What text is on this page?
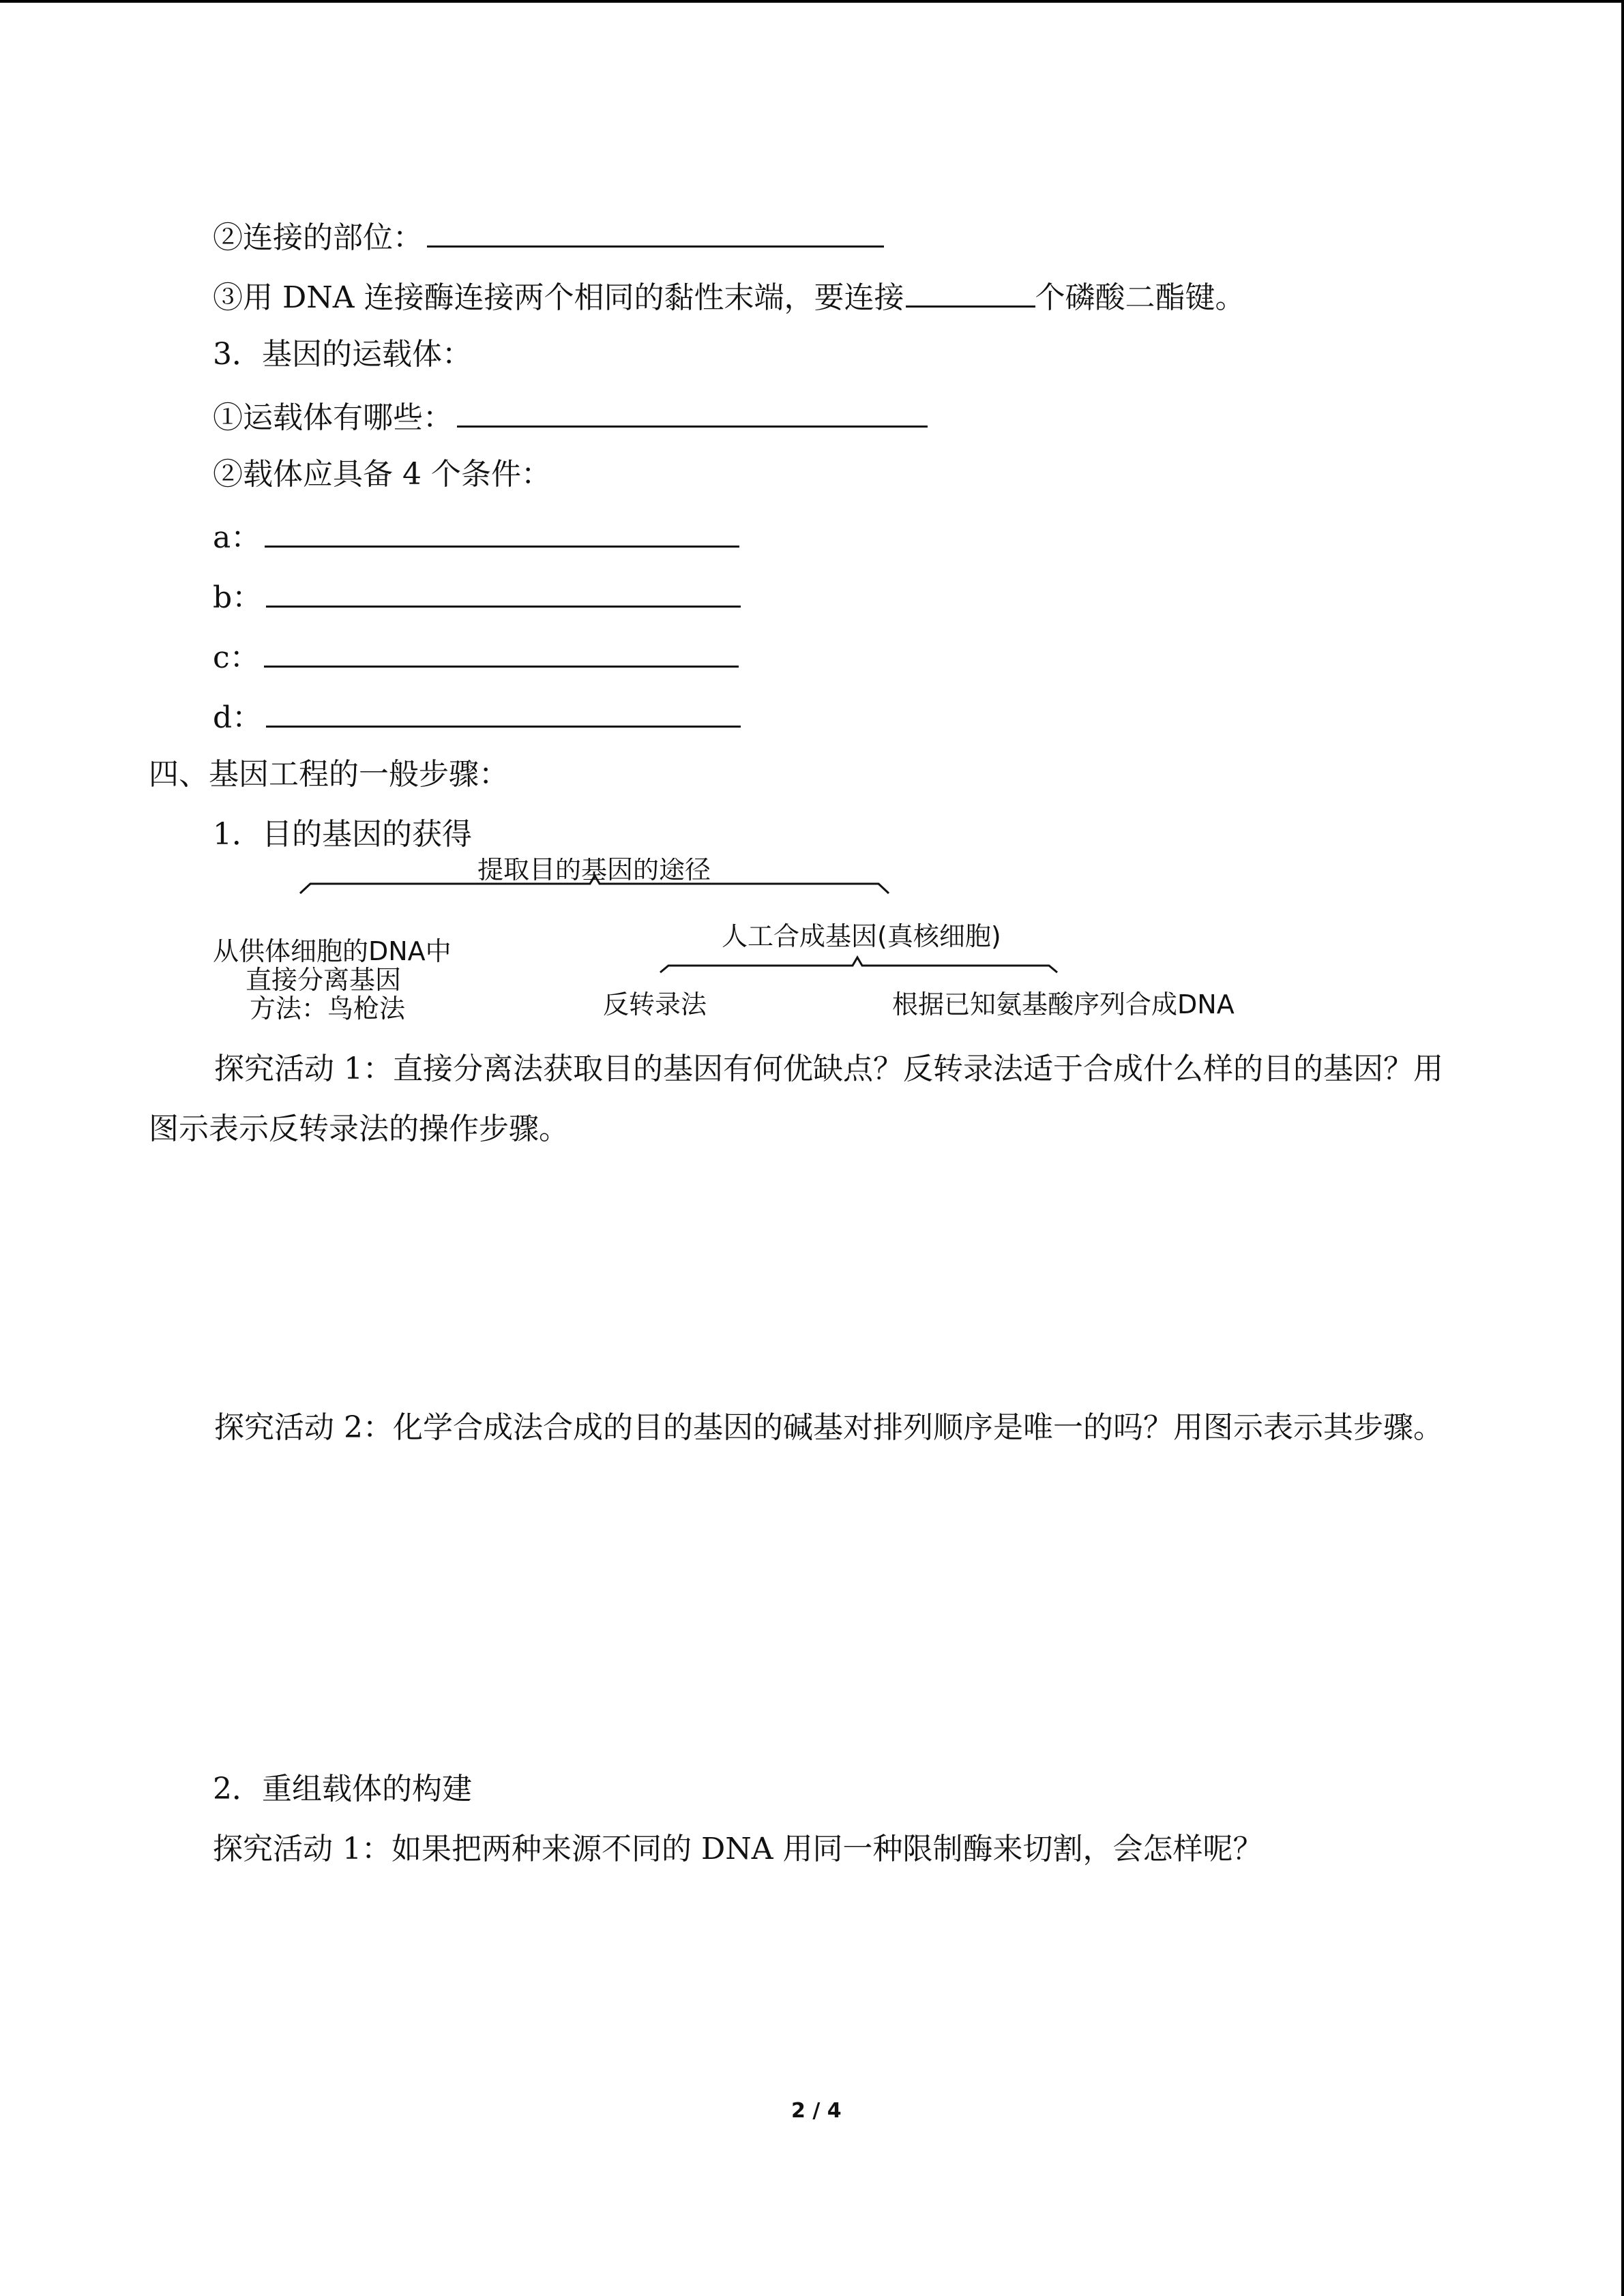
②连接的部位：
③用 DNA 连接酶连接两个相同的黏性末端，要连接	个磷酸二酯键。
3．基因的运载体：
①运载体有哪些：
②载体应具备 4 个条件：
a：
b：
c：
d：
四、基因工程的一般步骤：
1．目的基因的获得
提取目的基因的途径
从供体细胞的DNA中
直接分离基因
方法：鸟枪法
人工合成基因(真核细胞)
反转录法	根据已知氨基酸序列合成DNA
探究活动 1：直接分离法获取目的基因有何优缺点？反转录法适于合成什么样的目的基因？用图示表示反转录法的操作步骤。
探究活动 2：化学合成法合成的目的基因的碱基对排列顺序是唯一的吗？用图示表示其步骤。
2．重组载体的构建
探究活动 1：如果把两种来源不同的 DNA 用同一种限制酶来切割，会怎样呢？
2 / 4
